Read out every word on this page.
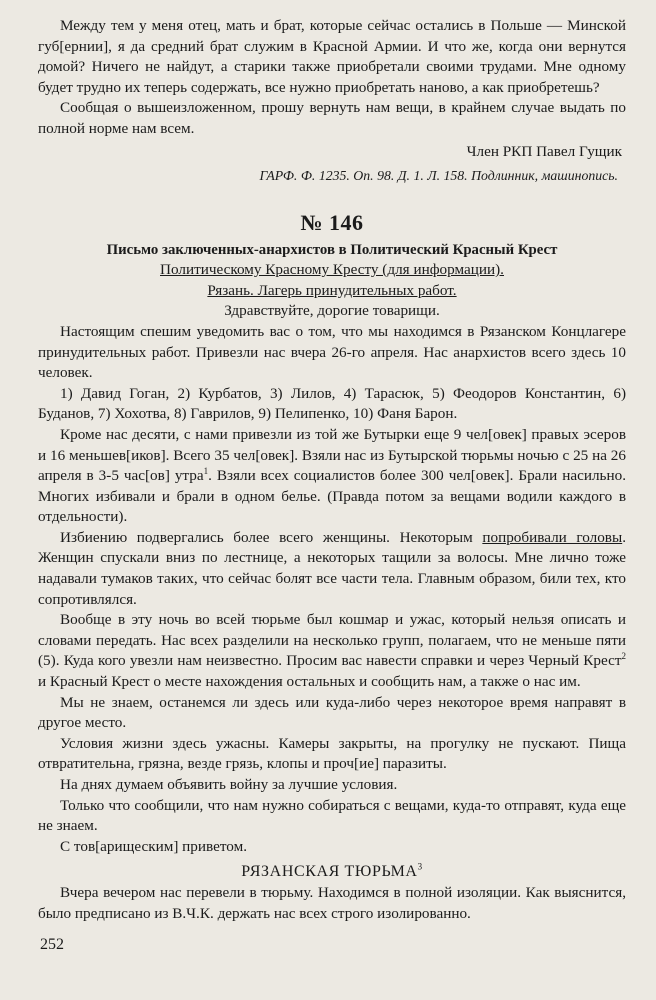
Между тем у меня отец, мать и брат, которые сейчас остались в Польше — Минской губ[ернии], я да средний брат служим в Красной Армии. И что же, когда они вернутся домой? Ничего не найдут, а старики также приобретали своими трудами. Мне одному будет трудно их теперь содержать, все нужно приобретать наново, а как приобретешь?

Сообщая о вышеизложенном, прошу вернуть нам вещи, в крайнем случае выдать по полной норме нам всем.

Член РКП Павел Гущик

ГАРФ. Ф. 1235. Оп. 98. Д. 1. Л. 158. Подлинник, машинопись.

№ 146

Письмо заключенных-анархистов в Политический Красный Крест

Политическому Красному Кресту (для информации).

Рязань. Лагерь принудительных работ.

Здравствуйте, дорогие товарищи.

Настоящим спешим уведомить вас о том, что мы находимся в Рязанском Концлагере принудительных работ. Привезли нас вчера 26-го апреля. Нас анархистов всего здесь 10 человек.

1) Давид Гоган, 2) Курбатов, 3) Лилов, 4) Тарасюк, 5) Феодоров Константин, 6) Буданов, 7) Хохотва, 8) Гаврилов, 9) Пелипенко, 10) Фаня Барон.

Кроме нас десяти, с нами привезли из той же Бутырки еще 9 чел[овек] правых эсеров и 16 меньшев[иков]. Всего 35 чел[овек]. Взяли нас из Бутырской тюрьмы ночью с 25 на 26 апреля в 3-5 час[ов] утра$^1$. Взяли всех социалистов более 300 чел[овек]. Брали насильно. Многих избивали и брали в одном белье. (Правда потом за вещами водили каждого в отдельности).

Избиению подвергались более всего женщины. Некоторым попробивали головы. Женщин спускали вниз по лестнице, а некоторых тащили за волосы. Мне лично тоже надавали тумаков таких, что сейчас болят все части тела. Главным образом, били тех, кто сопротивлялся.

Вообще в эту ночь во всей тюрьме был кошмар и ужас, который нельзя описать и словами передать. Нас всех разделили на несколько групп, полагаем, что не меньше пяти (5). Куда кого увезли нам неизвестно. Просим вас навести справки и через Черный Крест$^2$ и Красный Крест о месте нахождения остальных и сообщить нам, а также о нас им.

Мы не знаем, останемся ли здесь или куда-либо через некоторое время направят в другое место.

Условия жизни здесь ужасны. Камеры закрыты, на прогулку не пускают. Пища отвратительна, грязна, везде грязь, клопы и проч[ие] паразиты.

На днях думаем объявить войну за лучшие условия.

Только что сообщили, что нам нужно собираться с вещами, куда-то отправят, куда еще не знаем.

С тов[арищеским] приветом.

РЯЗАНСКАЯ ТЮРЬМА$^3$

Вчера вечером нас перевели в тюрьму. Находимся в полной изоляции. Как выяснится, было предписано из В.Ч.К. держать нас всех строго изолированно.

252
